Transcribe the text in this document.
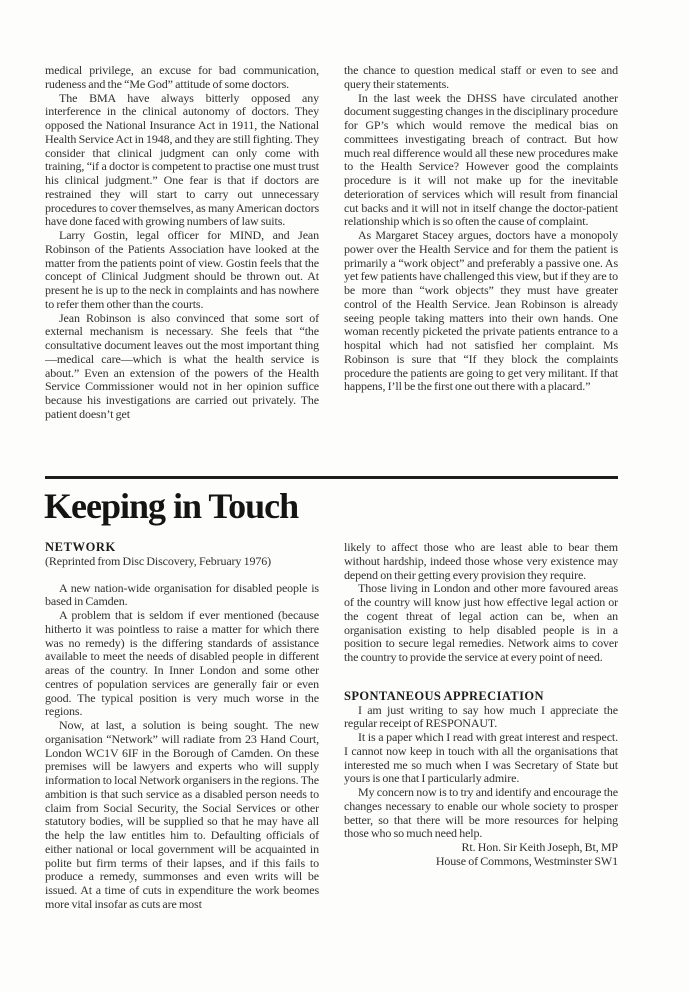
medical privilege, an excuse for bad communication, rudeness and the “Me God” attitude of some doctors.

The BMA have always bitterly opposed any interference in the clinical autonomy of doctors. They opposed the National Insurance Act in 1911, the National Health Service Act in 1948, and they are still fighting. They consider that clinical judgment can only come with training, “if a doctor is competent to practise one must trust his clinical judgment.” One fear is that if doctors are restrained they will start to carry out unnecessary procedures to cover themselves, as many American doctors have done faced with growing numbers of law suits.

Larry Gostin, legal officer for MIND, and Jean Robinson of the Patients Association have looked at the matter from the patients point of view. Gostin feels that the concept of Clinical Judgment should be thrown out. At present he is up to the neck in complaints and has nowhere to refer them other than the courts.

Jean Robinson is also convinced that some sort of external mechanism is necessary. She feels that “the consultative document leaves out the most important thing—medical care—which is what the health service is about.” Even an extension of the powers of the Health Service Commissioner would not in her opinion suffice because his investigations are carried out privately. The patient doesn’t get

the chance to question medical staff or even to see and query their statements.

In the last week the DHSS have circulated another document suggesting changes in the disciplinary procedure for GP’s which would remove the medical bias on committees investigating breach of contract. But how much real difference would all these new procedures make to the Health Service? However good the complaints procedure is it will not make up for the inevitable deterioration of services which will result from financial cut backs and it will not in itself change the doctor-patient relationship which is so often the cause of complaint.

As Margaret Stacey argues, doctors have a monopoly power over the Health Service and for them the patient is primarily a “work object” and preferably a passive one. As yet few patients have challenged this view, but if they are to be more than “work objects” they must have greater control of the Health Service. Jean Robinson is already seeing people taking matters into their own hands. One woman recently picketed the private patients entrance to a hospital which had not satisfied her complaint. Ms Robinson is sure that “If they block the complaints procedure the patients are going to get very militant. If that happens, I’ll be the first one out there with a placard.”

Keeping in Touch

NETWORK

(Reprinted from Disc Discovery, February 1976)

A new nation-wide organisation for disabled people is based in Camden.

A problem that is seldom if ever mentioned (because hitherto it was pointless to raise a matter for which there was no remedy) is the differing standards of assistance available to meet the needs of disabled people in different areas of the country. In Inner London and some other centres of population services are generally fair or even good. The typical position is very much worse in the regions.

Now, at last, a solution is being sought. The new organisation “Network” will radiate from 23 Hand Court, London WC1V 6IF in the Borough of Camden. On these premises will be lawyers and experts who will supply information to local Network organisers in the regions. The ambition is that such service as a disabled person needs to claim from Social Security, the Social Services or other statutory bodies, will be supplied so that he may have all the help the law entitles him to. Defaulting officials of either national or local government will be acquainted in polite but firm terms of their lapses, and if this fails to produce a remedy, summonses and even writs will be issued. At a time of cuts in expenditure the work beomes more vital insofar as cuts are most

likely to affect those who are least able to bear them without hardship, indeed those whose very existence may depend on their getting every provision they require.

Those living in London and other more favoured areas of the country will know just how effective legal action or the cogent threat of legal action can be, when an organisation existing to help disabled people is in a position to secure legal remedies. Network aims to cover the country to provide the service at every point of need.

SPONTANEOUS APPRECIATION

I am just writing to say how much I appreciate the regular receipt of RESPONAUT.

It is a paper which I read with great interest and respect. I cannot now keep in touch with all the organisations that interested me so much when I was Secretary of State but yours is one that I particularly admire.

My concern now is to try and identify and encourage the changes necessary to enable our whole society to prosper better, so that there will be more resources for helping those who so much need help.

Rt. Hon. Sir Keith Joseph, Bt, MP

House of Commons, Westminster SW1
